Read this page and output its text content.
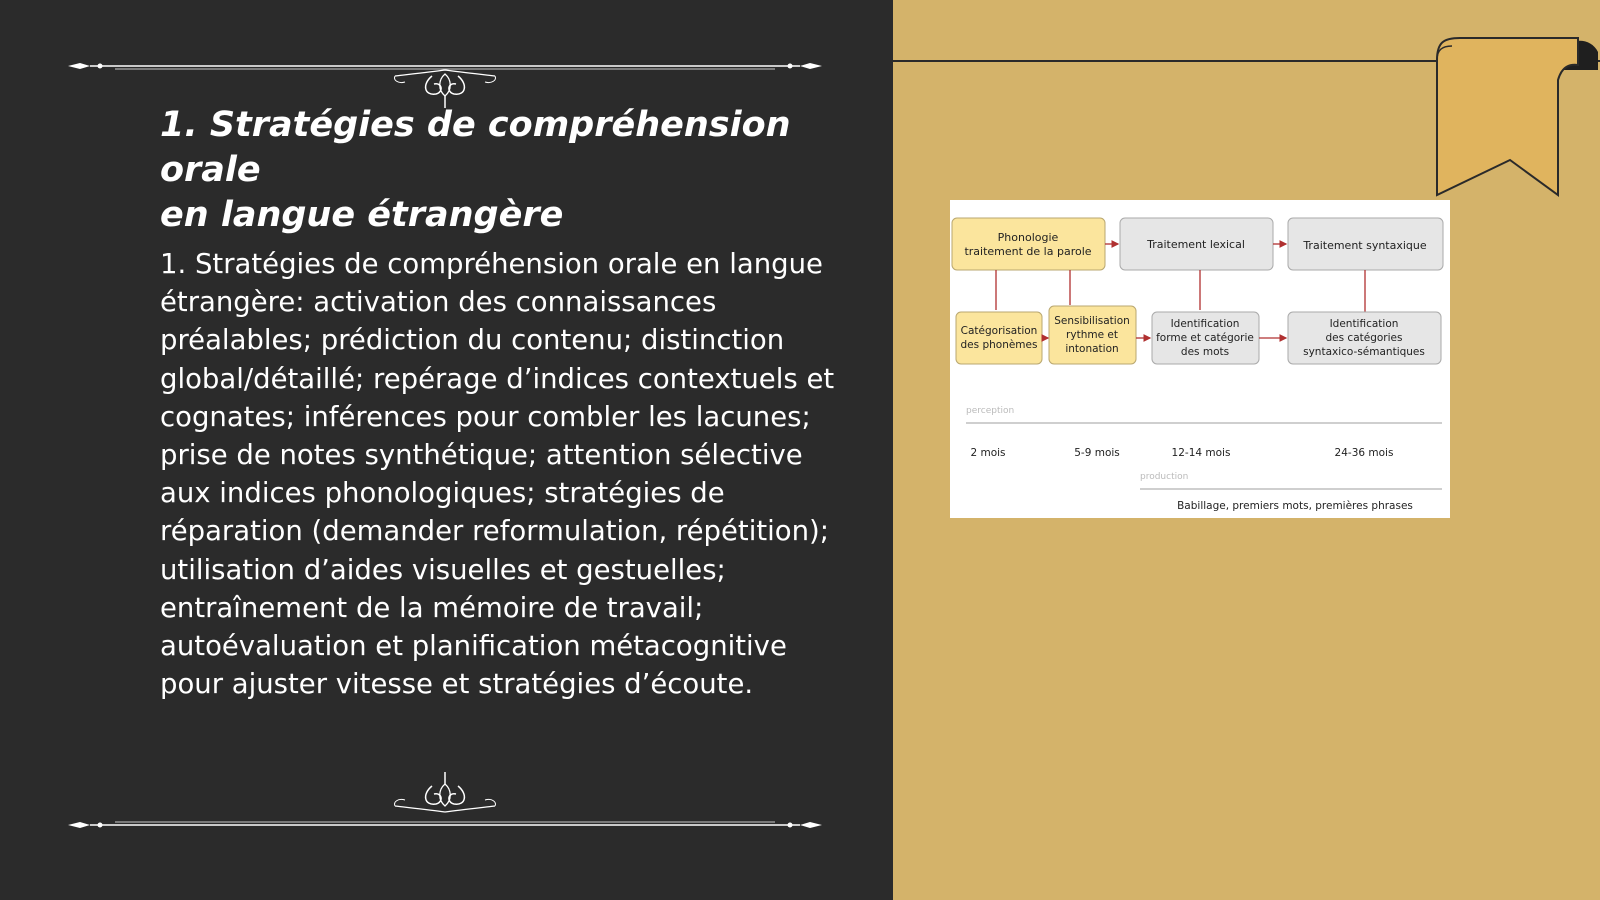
1. Stratégies de compréhension orale
en langue étrangère

1. Stratégies de compréhension orale en langue étrangère: activation des connaissances préalables; prédiction du contenu; distinction global/détaillé; repérage d’indices contextuels et cognates; inférences pour combler les lacunes; prise de notes synthétique; attention sélective aux indices phonologiques; stratégies de réparation (demander reformulation, répétition); utilisation d’aides visuelles et gestuelles; entraînement de la mémoire de travail; autoévaluation et planification métacognitive pour ajuster vitesse et stratégies d’écoute.

Phonologie
traitement de la parole
Traitement lexical	Traitement syntaxique
Catégorisation
des phonèmes
Sensibilisation
rythme et
intonation
Identification
forme et catégorie
des mots
Identification
des catégories
syntaxico-sémantiques
perception
2 mois	5-9 mois	12-14 mois	24-36 mois
production
Babillage, premiers mots, premières phrases
